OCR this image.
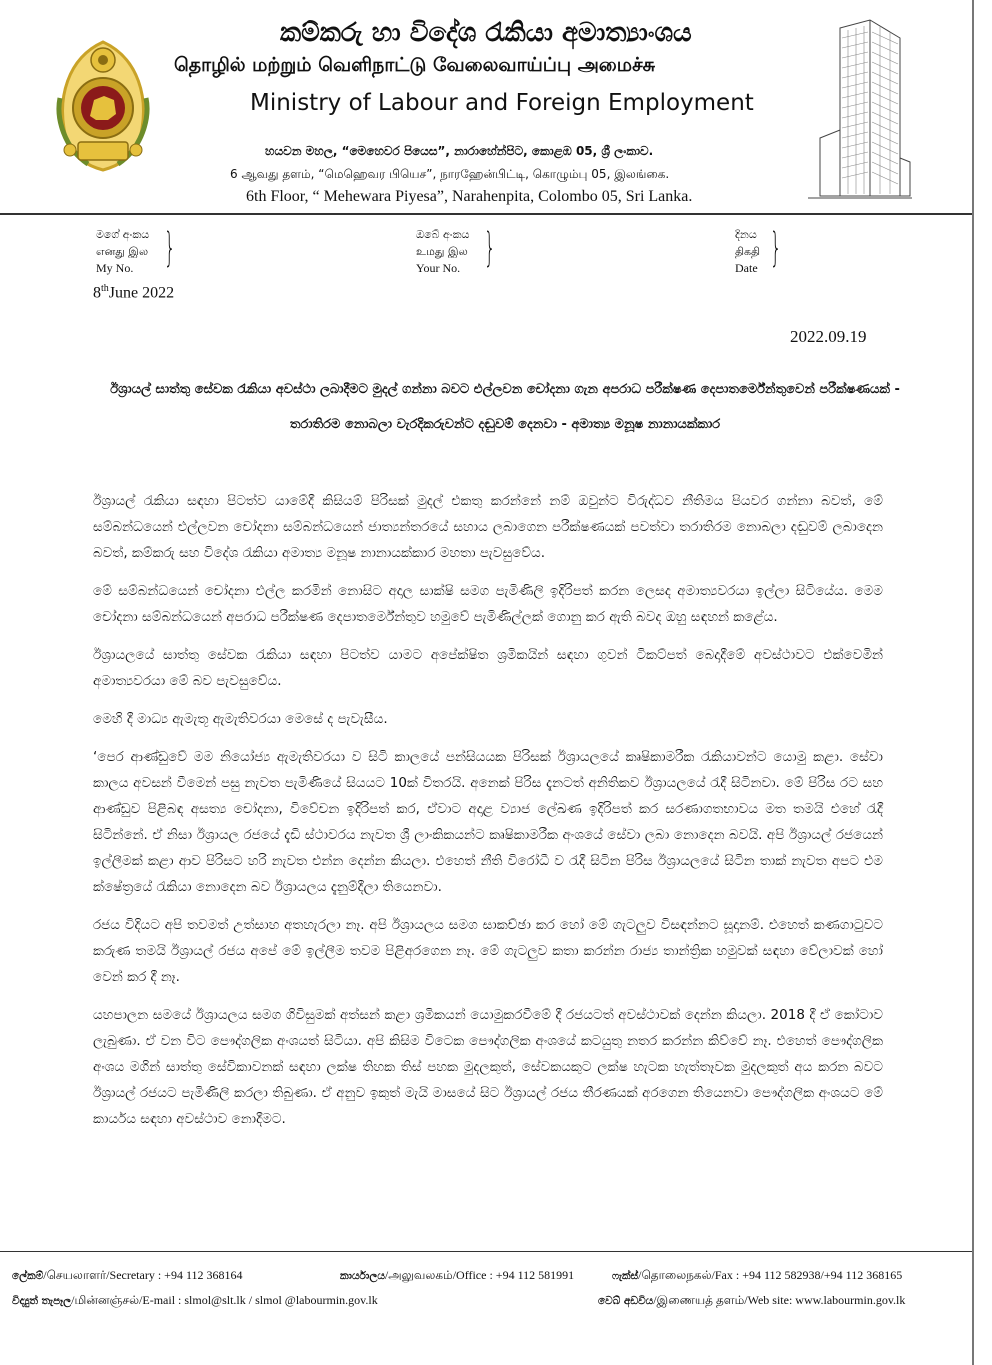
කම්කරු හා විදේශ රැකියා අමාත්‍යාංශය
தொழில் மற்றும் வெளிநாட்டு வேலைவாய்ப்பு அமைச்சு
Ministry of Labour and Foreign Employment
හයවන මහල, “මෙහෙවර පියෙස”, නාරාහේන්පිට, කොළඹ 05, ශ්‍රී ලංකාව.
6 ஆவது தளம், “மெஹெவர பியெச”, நாரஹேன்பிட்டி, கொழும்பு 05, இலங்கை.
6th Floor, “ Mehewara Piyesa”, Narahenpita, Colombo 05, Sri Lanka.
මගේ අංකය
எனது இல
My No. }	ඔබේ අංකය
உமது இல
Your No. }	දිනය
திகதி
Date }
8thJune 2022
2022.09.19
ඊශ්‍රායල් සාත්තු සේවක රැකියා අවස්ථා ලබාදීමට මුදල් ගන්නා බවට එල්ලවන චෝදනා ගැන අපරාධ පරීක්ෂණ දෙපාතර්මේන්තුවෙන් පරීක්ෂණයක් - තරාතිරම නොබලා වැරදිකරුවන්ට දඬුවම් දෙනවා - අමාත්‍ය මනූෂ නානායක්කාර

ඊශ්‍රායල් රැකියා සඳහා පිටත්ව යාමේදී කිසියම් පිරිසක් මුදල් එකතු කරන්නේ නම් ඔවුන්ට විරුද්ධව නීතිමය පියවර ගන්නා බවත්, මේ සම්බන්ධයෙන් එල්ලවන චෝදනා සම්බන්ධයෙන් ජාත්‍යන්තරයේ සහාය ලබාගෙන පරීක්ෂණයක් පවත්වා තරාතිරම නොබලා දඬුවම් ලබාදෙන බවත්, කම්කරු සහ විදේශ රැකියා අමාත්‍ය මනූෂ නානායක්කාර මහතා පැවසුවේය.

මේ සම්බන්ධයෙන් චෝදනා එල්ල කරමින් නොසිට අදාල සාක්ෂි සමග පැමිණිලි ඉදිරිපත් කරන ලෙසද අමාත්‍යවරයා ඉල්ලා සිටියේය. මෙම චෝදනා සම්බන්ධයෙන් අපරාධ පරීක්ෂණ දෙපාතර්මේන්තුව හමුවේ පැමිණිල්ලක් ගොනු කර ඇති බවද ඔහු සඳහන් කළේය.

ඊශ්‍රායලයේ සාත්තු සේවක රැකියා සඳහා පිටත්ව යාමට අපේක්ෂිත ශ්‍රමිකයින් සඳහා ගුවන් ටිකට්පත් බෙදාදීමේ අවස්ථාවට එක්වෙමින් අමාත්‍යවරයා මේ බව පැවසුවේය.

මෙහි දී මාධ්‍ය ඇමැතූ ඇමැතිවරයා මෙසේ ද පැවැසීය.

‘පෙර ආණ්ඩුවේ මම නියෝජ්‍ය ඇමැතිවරයා ව සිටි කාලයේ පන්සියයක පිරිසක් ඊශ්‍රායලයේ කෘෂිකාමරීක රැකියාවන්ට යොමු කළා. සේවා කාලය අවසන් වීමෙන් පසු නැවත පැමිණියේ සියයට 10ක් විතරයි. අනෙක් පිරිස දැනටත් අනිතිකව ඊශ්‍රායලයේ රැදී සිටිනවා. මේ පිරිස රට සහ ආණ්ඩුව පිළිබඳ අසත්‍ය චෝදනා, විවේචන ඉදිරිපත් කර, ඒවාට අදාළ ව්‍යාජ ලේඛණ ඉදිරිපත් කර සරණාගතභාවය මත තමයි එහේ රැදී සිටින්නේ. ඒ නිසා ඊශ්‍රායල රජයේ දැඩි ස්ථාවරය නැවත ශ්‍රී ලාංකිකයන්ට කෘෂිකාමරීක අංශයේ සේවා ලබා නොදෙන බවයි. අපි ඊශ්‍රායල් රජයෙන් ඉල්ලීමක් කළා ආව පිරිසට හරි නැවත එන්න දෙන්න කියලා. එහෙත් නීති විරෝධී ව රැදී සිටින පිරිස ඊශ්‍රායලයේ සිටින තාක් නැවත අපට එම ක්ෂේත්‍රයේ රැකියා නොදෙන බව ඊශ්‍රායලය දැනුම්දීලා තියෙනවා.

රජය විදියට අපි තවමත් උත්සාහ අතහැරලා නෑ. අපි ඊශ්‍රායලය සමග සාකච්ඡා කර හෝ මේ ගැටලුව විසඳන්නට සූදානම්. එහෙත් කණගාටුවට කරුණ තමයි ඊශ්‍රායල් රජය අපේ මේ ඉල්ලීම තවම පිළිඅරගෙන නෑ. මේ ගැටලුව කතා කරන්න රාජ්‍ය තාන්ත්‍රික හමුවක් සඳහා වේලාවක් හෝ වෙන් කර දී නෑ.

යහපාලන සමයේ ඊශ්‍රායලය සමග ගිවිසුමක් අත්සන් කළා ශ්‍රමිකයන් යොමුකරවීමේ දී රජයටත් අවස්ථාවක් දෙන්න කියලා. 2018 දී ඒ කෝටාව ලැබුණා. ඒ වන විට පෞද්ගලික අංශයත් සිටියා. අපි කිසිම විටෙක පෞද්ගලික අංශයේ කටයුතු නතර කරන්න කිව්වේ නෑ. එහෙත් පෞද්ගලික අංශය මගින් සාත්තු සේවිකාවනක් සඳහා ලක්ෂ තිහක තිස් පහක මුදලකුත්, සේවකයකුට ලක්ෂ හැටක හැත්තෑවක මුදලකුත් අය කරන බවට ඊශ්‍රායල් රජයට පැමිණිලි කරලා තිබුණා. ඒ අනුව ඉකුත් මැයි මාසයේ සිට ඊශ්‍රායල් රජය තීරණයක් අරගෙන තියෙනවා පෞද්ගලික අංශයට මේ කාර්යය සඳහා අවස්ථාව නොදීමට.

ලේකම්/செயலாளர்/Secretary : +94 112 368164	කාර්යාලය/அலுவலகம்/Office : +94 112 581991	ෆැක්ස්/தொலைநகல்/Fax : +94 112 582938/+94 112 368165
විද්‍යුත් තැපෑල/மின்னஞ்சல்/E-mail : slmol@slt.lk / slmol @labourmin.gov.lk	වෙබ් අඩවිය/இணையத் தளம்/Web site: www.labourmin.gov.lk
